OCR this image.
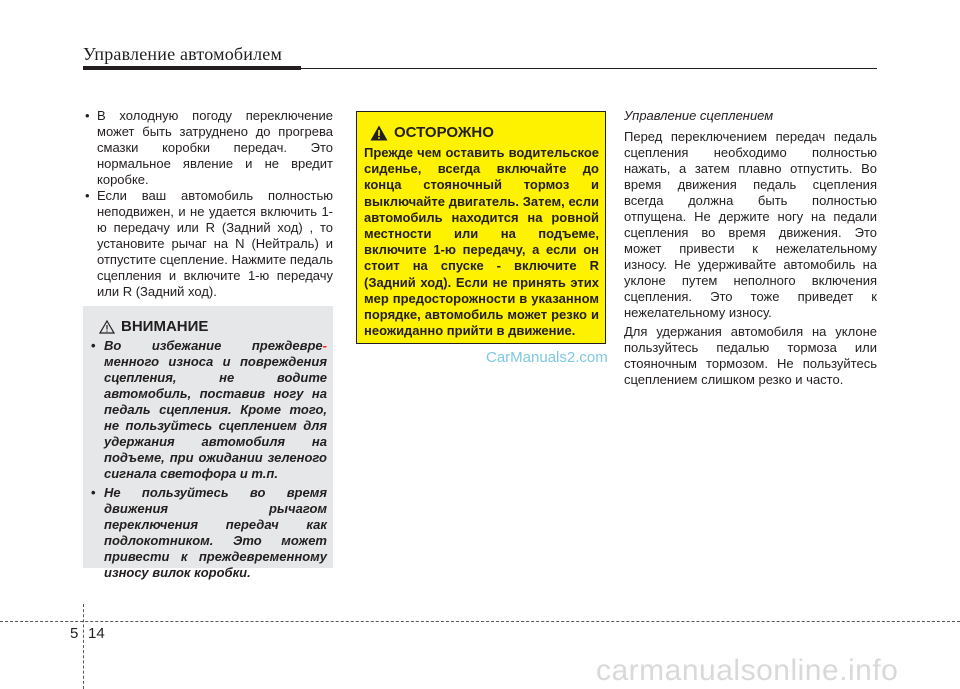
Управление автомобилем
• В холодную погоду переключение может быть затруднено до прогрева смазки коробки передач. Это нормальное явление и не вредит коробке.
• Если ваш автомобиль полностью неподвижен, и не удается включить 1-ю передачу или R (Задний ход) , то установите рычаг на N (Нейтраль) и отпустите сцепление. Нажмите педаль сцепления и включите 1-ю передачу или R (Задний ход).
ВНИМАНИЕ
• Во избежание преждевре- менного износа и повреждения сцепления, не водите автомобиль, поставив ногу на педаль сцепления. Кроме того, не пользуйтесь сцеплением для удержания автомобиля на подъеме, при ожидании зеленого сигнала светофора и т.п.
• Не пользуйтесь во время движения рычагом переключения передач как подлокотником. Это может привести к преждевременному износу вилок коробки.
ОСТОРОЖНО
Прежде чем оставить водительское сиденье, всегда включайте до конца стояночный тормоз и выключайте двигатель. Затем, если автомобиль находится на ровной местности или на подъеме, включите 1-ю передачу, а если он стоит на спуске - включите R (Задний ход). Если не принять этих мер предосторожности в указанном порядке, автомобиль может резко и неожиданно прийти в движение.
CarManuals2.com
Управление сцеплением

Перед переключением передач педаль сцепления необходимо полностью нажать, а затем плавно отпустить. Во время движения педаль сцепления всегда должна быть полностью отпущена. Не держите ногу на педали сцепления во время движения. Это может привести к нежелательному износу. Не удерживайте автомобиль на уклоне путем неполного включения сцепления. Это тоже приведет к нежелательному износу.

Для удержания автомобиля на уклоне пользуйтесь педалью тормоза или стояночным тормозом. Не пользуйтесь сцеплением слишком резко и часто.

5 14
carmanualsonline.info
